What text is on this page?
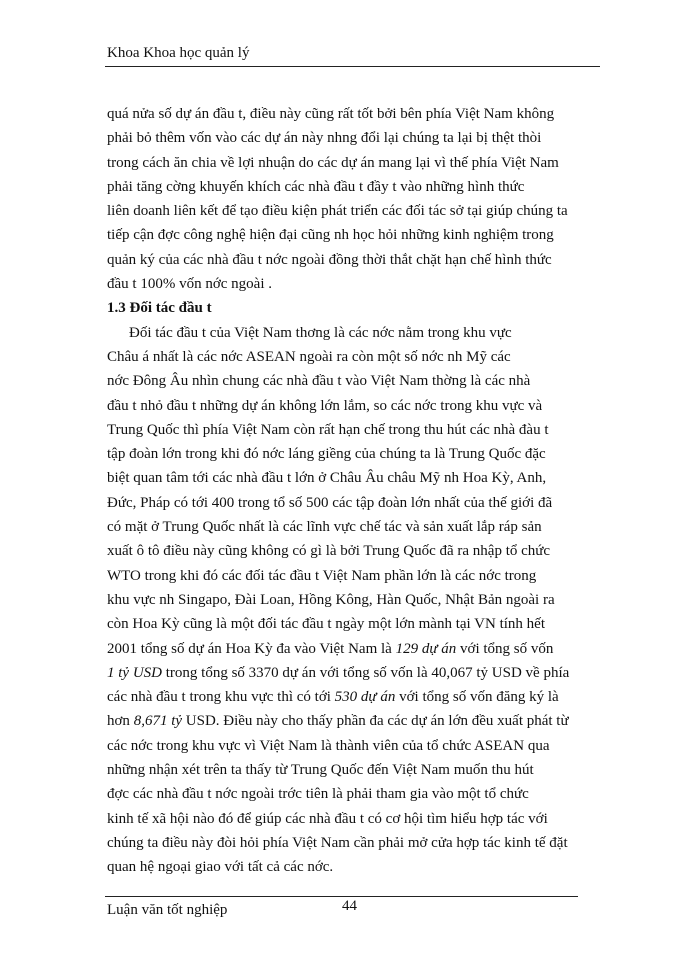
Khoa Khoa học quản lý
quá nửa số dự án đầu t, điều này cũng rất tốt bởi bên phía Việt Nam không
phải bỏ thêm vốn vào các dự án này nhng đổi lại chúng ta lại bị thệt thòi
trong cách ăn chia về lợi nhuận do các dự án mang lại vì thế phía Việt Nam
phải tăng cờng khuyến khích các nhà đầu t đầy t vào những hình thức
liên doanh liên kết để tạo điều kiện phát triển các đối tác sở tại giúp chúng ta
tiếp cận đợc công nghệ hiện đại cũng nh học hỏi những kinh nghiệm trong
quản ký của các nhà đầu t nớc ngoài đồng thời thắt chặt hạn chế hình thức
đầu t 100% vốn nớc ngoài .
1.3 Đối tác đầu t
Đối tác đầu t của Việt Nam thơng là các nớc nằm trong khu vực
Châu á nhất là các nớc ASEAN ngoài ra còn một số nớc nh Mỹ các
nớc Đông Âu nhìn chung các nhà đầu t vào Việt Nam thờng là các nhà
đầu t nhỏ đầu t những dự án không lớn lắm, so các nớc trong khu vực và
Trung Quốc thì phía Việt Nam còn rất hạn chế trong thu hút các nhà đàu t
tập đoàn lớn trong khi đó nớc láng giềng của chúng ta là Trung Quốc đặc
biệt quan tâm tới các nhà đầu t lớn ở Châu Âu châu Mỹ nh Hoa Kỳ, Anh,
Đức, Pháp có tới 400 trong tổ số 500 các tập đoàn lớn nhất của thế giới đã
có mặt ở Trung Quốc nhất là các lĩnh vực chế tác và sản xuất lắp ráp sản
xuất ô tô điều này cũng không có gì là bởi Trung Quốc đã ra nhập tổ chức
WTO trong khi đó các đối tác đầu t Việt Nam phần lớn là các nớc trong
khu vực nh Singapo, Đài Loan, Hồng Kông, Hàn Quốc, Nhật Bản ngoài ra
còn Hoa Kỳ cũng là một đối tác đầu t ngày một lớn mành tại VN tính hết
2001 tổng số dự án Hoa Kỳ đa vào Việt Nam là 129 dự án với tổng số vốn
1 tỷ USD trong tổng số 3370 dự án với tổng số vốn là 40,067 tỷ USD về phía
các nhà đầu t trong khu vực thì có tới 530 dự án với tổng số vốn đăng ký là
hơn 8,671 tỷ USD. Điều này cho thấy phần đa các dự án lớn đều xuất phát từ
các nớc trong khu vực vì Việt Nam là thành viên của tổ chức ASEAN qua
những nhận xét trên ta thấy từ Trung Quốc đến Việt Nam muốn thu hút
đợc các nhà đầu t nớc ngoài trớc tiên là phải tham gia vào một tổ chức
kinh tế xã hội nào đó để giúp các nhà đầu t có cơ hội tìm hiểu hợp tác với
chúng ta điều này đòi hỏi phía Việt Nam cần phải mở cửa hợp tác kinh tế đặt
quan hệ ngoại giao với tất cả các nớc.
Luận văn tốt nghiệp	44
